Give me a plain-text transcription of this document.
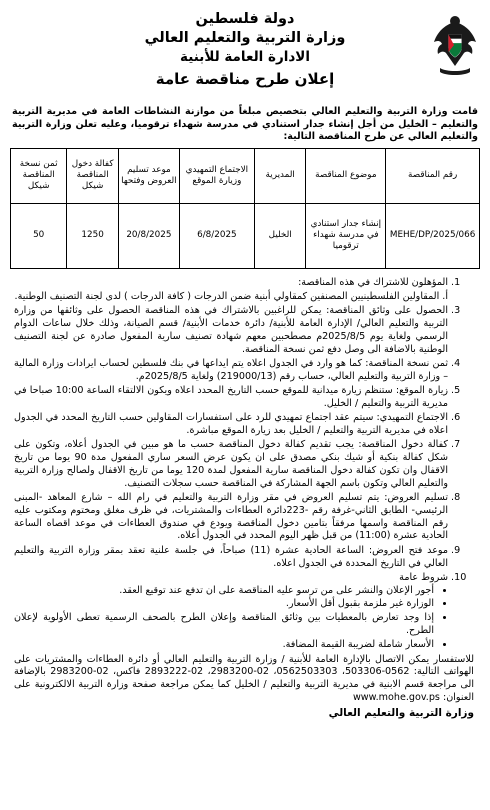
دولة فلسطين
وزارة التربية والتعليم العالي
الادارة العامة للأبنية
إعلان طرح مناقصة عامة

قامت وزارة التربية والتعليم العالي بتخصيص مبلغاً من موازنة النشاطات العامة في مديرية التربية والتعليم – الخليل من أجل إنشاء جدار استنادي في مدرسة شهداء ترقوميا، وعليه تعلن وزارة التربية والتعليم العالي عن طرح المناقصة التالية:

رقم المناقصة	موضوع المناقصة	المديرية	الاجتماع التمهيدي وزيارة الموقع	موعد تسليم العروض وفتحها	كفالة دخول المناقصة شيكل	ثمن نسخة المناقصة شيكل
MEHE/DP/2025/066	إنشاء جدار استنادي في مدرسة شهداء ترقوميا	الخليل	6/8/2025	20/8/2025	1250	50
1. المؤهلون للاشتراك في هذه المناقصة:
أ. المقاولين الفلسطينيين المصنفين كمقاولي أبنية ضمن الدرجات ( كافة الدرجات ) لدى لجنة التصنيف الوطنية.
3. الحصول على وثائق المناقصة: يمكن للراغبين بالاشتراك في هذه المناقصة الحصول على وثائقها من وزارة التربية والتعليم العالي/ الإدارة العامة للأبنية/ دائرة خدمات الأبنية/ قسم الصيانة، وذلك خلال ساعات الدوام الرسمي ولغاية يوم 2025/8/5م مصطحبين معهم شهادة تصنيف سارية المفعول صادرة عن لجنة التصنيف الوطنية بالاضافة الى وصل دفع ثمن نسخة المناقصة.
4. ثمن نسخة المناقصة: كما هو وارد في الجدول اعلاه يتم ايداعها في بنك فلسطين لحساب ايرادات وزارة المالية – وزارة التربية والتعليم العالي، حساب رقم (219000/13) ولغاية 2025/8/5م.
5. زيارة الموقع: ستنظم زيارة ميدانية للموقع حسب التاريخ المحدد اعلاه ويكون الالتقاء الساعة 10:00 صباحا في مديرية التربية والتعليم / الخليل.
6. الاجتماع التمهيدي: سيتم عقد اجتماع تمهيدي للرد على استفسارات المقاولين حسب التاريخ المحدد في الجدول اعلاه في مديرية التربية والتعليم / الخليل بعد زيارة الموقع مباشرة.
7. كفالة دخول المناقصة: يجب تقديم كفالة دخول المناقصة حسب ما هو مبين في الجدول أعلاه، وتكون على شكل كفالة بنكية أو شيك بنكي مصدق على ان يكون عرض السعر ساري المفعول مدة 90 يوما من تاريخ الاقفال وان تكون كفالة دخول المناقصة سارية المفعول لمدة 120 يوما من تاريخ الاقفال ولصالح وزارة التربية والتعليم العالي وتكون باسم الجهة المشاركة في المناقصة حسب سجلات التصنيف.
8. تسليم العروض: يتم تسليم العروض في مقر وزارة التربية والتعليم في رام الله – شارع المعاهد -المبنى الرئيسي- الطابق الثاني-غرفة رقم -223دائرة العطاءات والمشتريات، في ظرف مغلق ومختوم ومكتوب عليه رقم المناقصة واسمها مرفقاً بتامين دخول المناقصة ويودع في صندوق العطاءات في موعد اقصاه الساعة الحادية عشرة (11:00) من قبل ظهر اليوم المحدد في الجدول أعلاه.
9. موعد فتح العروض: الساعة الحادية عشرة (11) صباحاً، في جلسة علنية تعقد بمقر وزارة التربية والتعليم العالي في التاريخ المحددة في الجدول اعلاه.
10. شروط عامة
• أجور الإعلان والنشر على من ترسو عليه المناقصة على ان تدفع عند توقيع العقد.
• الوزارة غير ملزمة بقبول أقل الأسعار.
• إذا وجد تعارض بالمعطيات بين وثائق المناقصة وإعلان الطرح بالصحف الرسمية تعطى الأولوية لإعلان الطرح.
• الأسعار شاملة لضريبة القيمة المضافة.

للاستفسار يمكن الاتصال بالإدارة العامة للأبنية / وزارة التربية والتعليم العالي أو دائرة العطاءات والمشتريات على الهواتف التالية: 0562-503306، 0562503303، 02-2983200، 02-2893222 فاكس، 02-2983200 بالإضافة الى مراجعة قسم الابنية في مديرية التربية والتعليم / الخليل كما يمكن مراجعة صفحة وزارة التربية الالكترونية على العنوان: www.mohe.gov.ps

وزارة التربية والتعليم العالي
